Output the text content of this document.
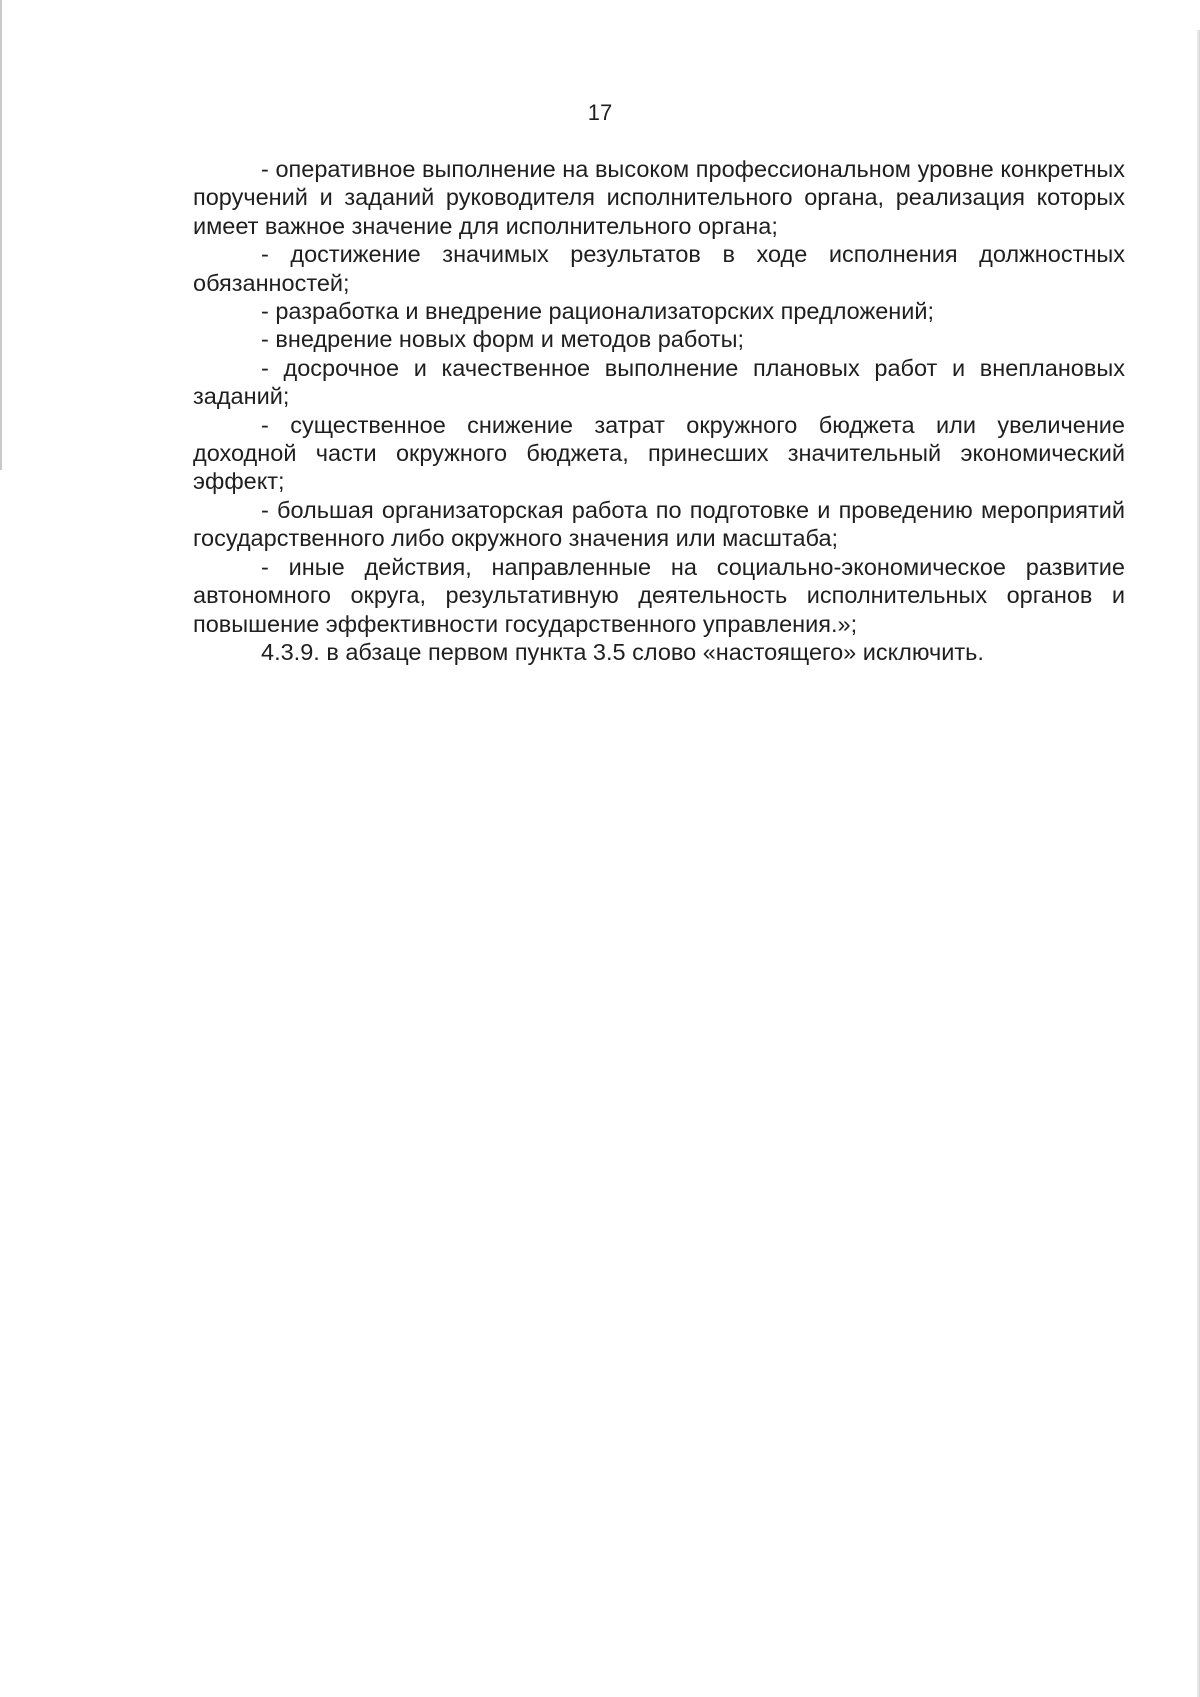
17

- оперативное выполнение на высоком профессиональном уровне конкретных поручений и заданий руководителя исполнительного органа, реализация которых имеет важное значение для исполнительного органа;

- достижение значимых результатов в ходе исполнения должностных обязанностей;

- разработка и внедрение рационализаторских предложений;

- внедрение новых форм и методов работы;

- досрочное и качественное выполнение плановых работ и внеплановых заданий;

- существенное снижение затрат окружного бюджета или увеличение доходной части окружного бюджета, принесших значительный экономический эффект;

- большая организаторская работа по подготовке и проведению мероприятий государственного либо окружного значения или масштаба;

- иные действия, направленные на социально-экономическое развитие автономного округа, результативную деятельность исполнительных органов и повышение эффективности государственного управления.»;

4.3.9. в абзаце первом пункта 3.5 слово «настоящего» исключить.
